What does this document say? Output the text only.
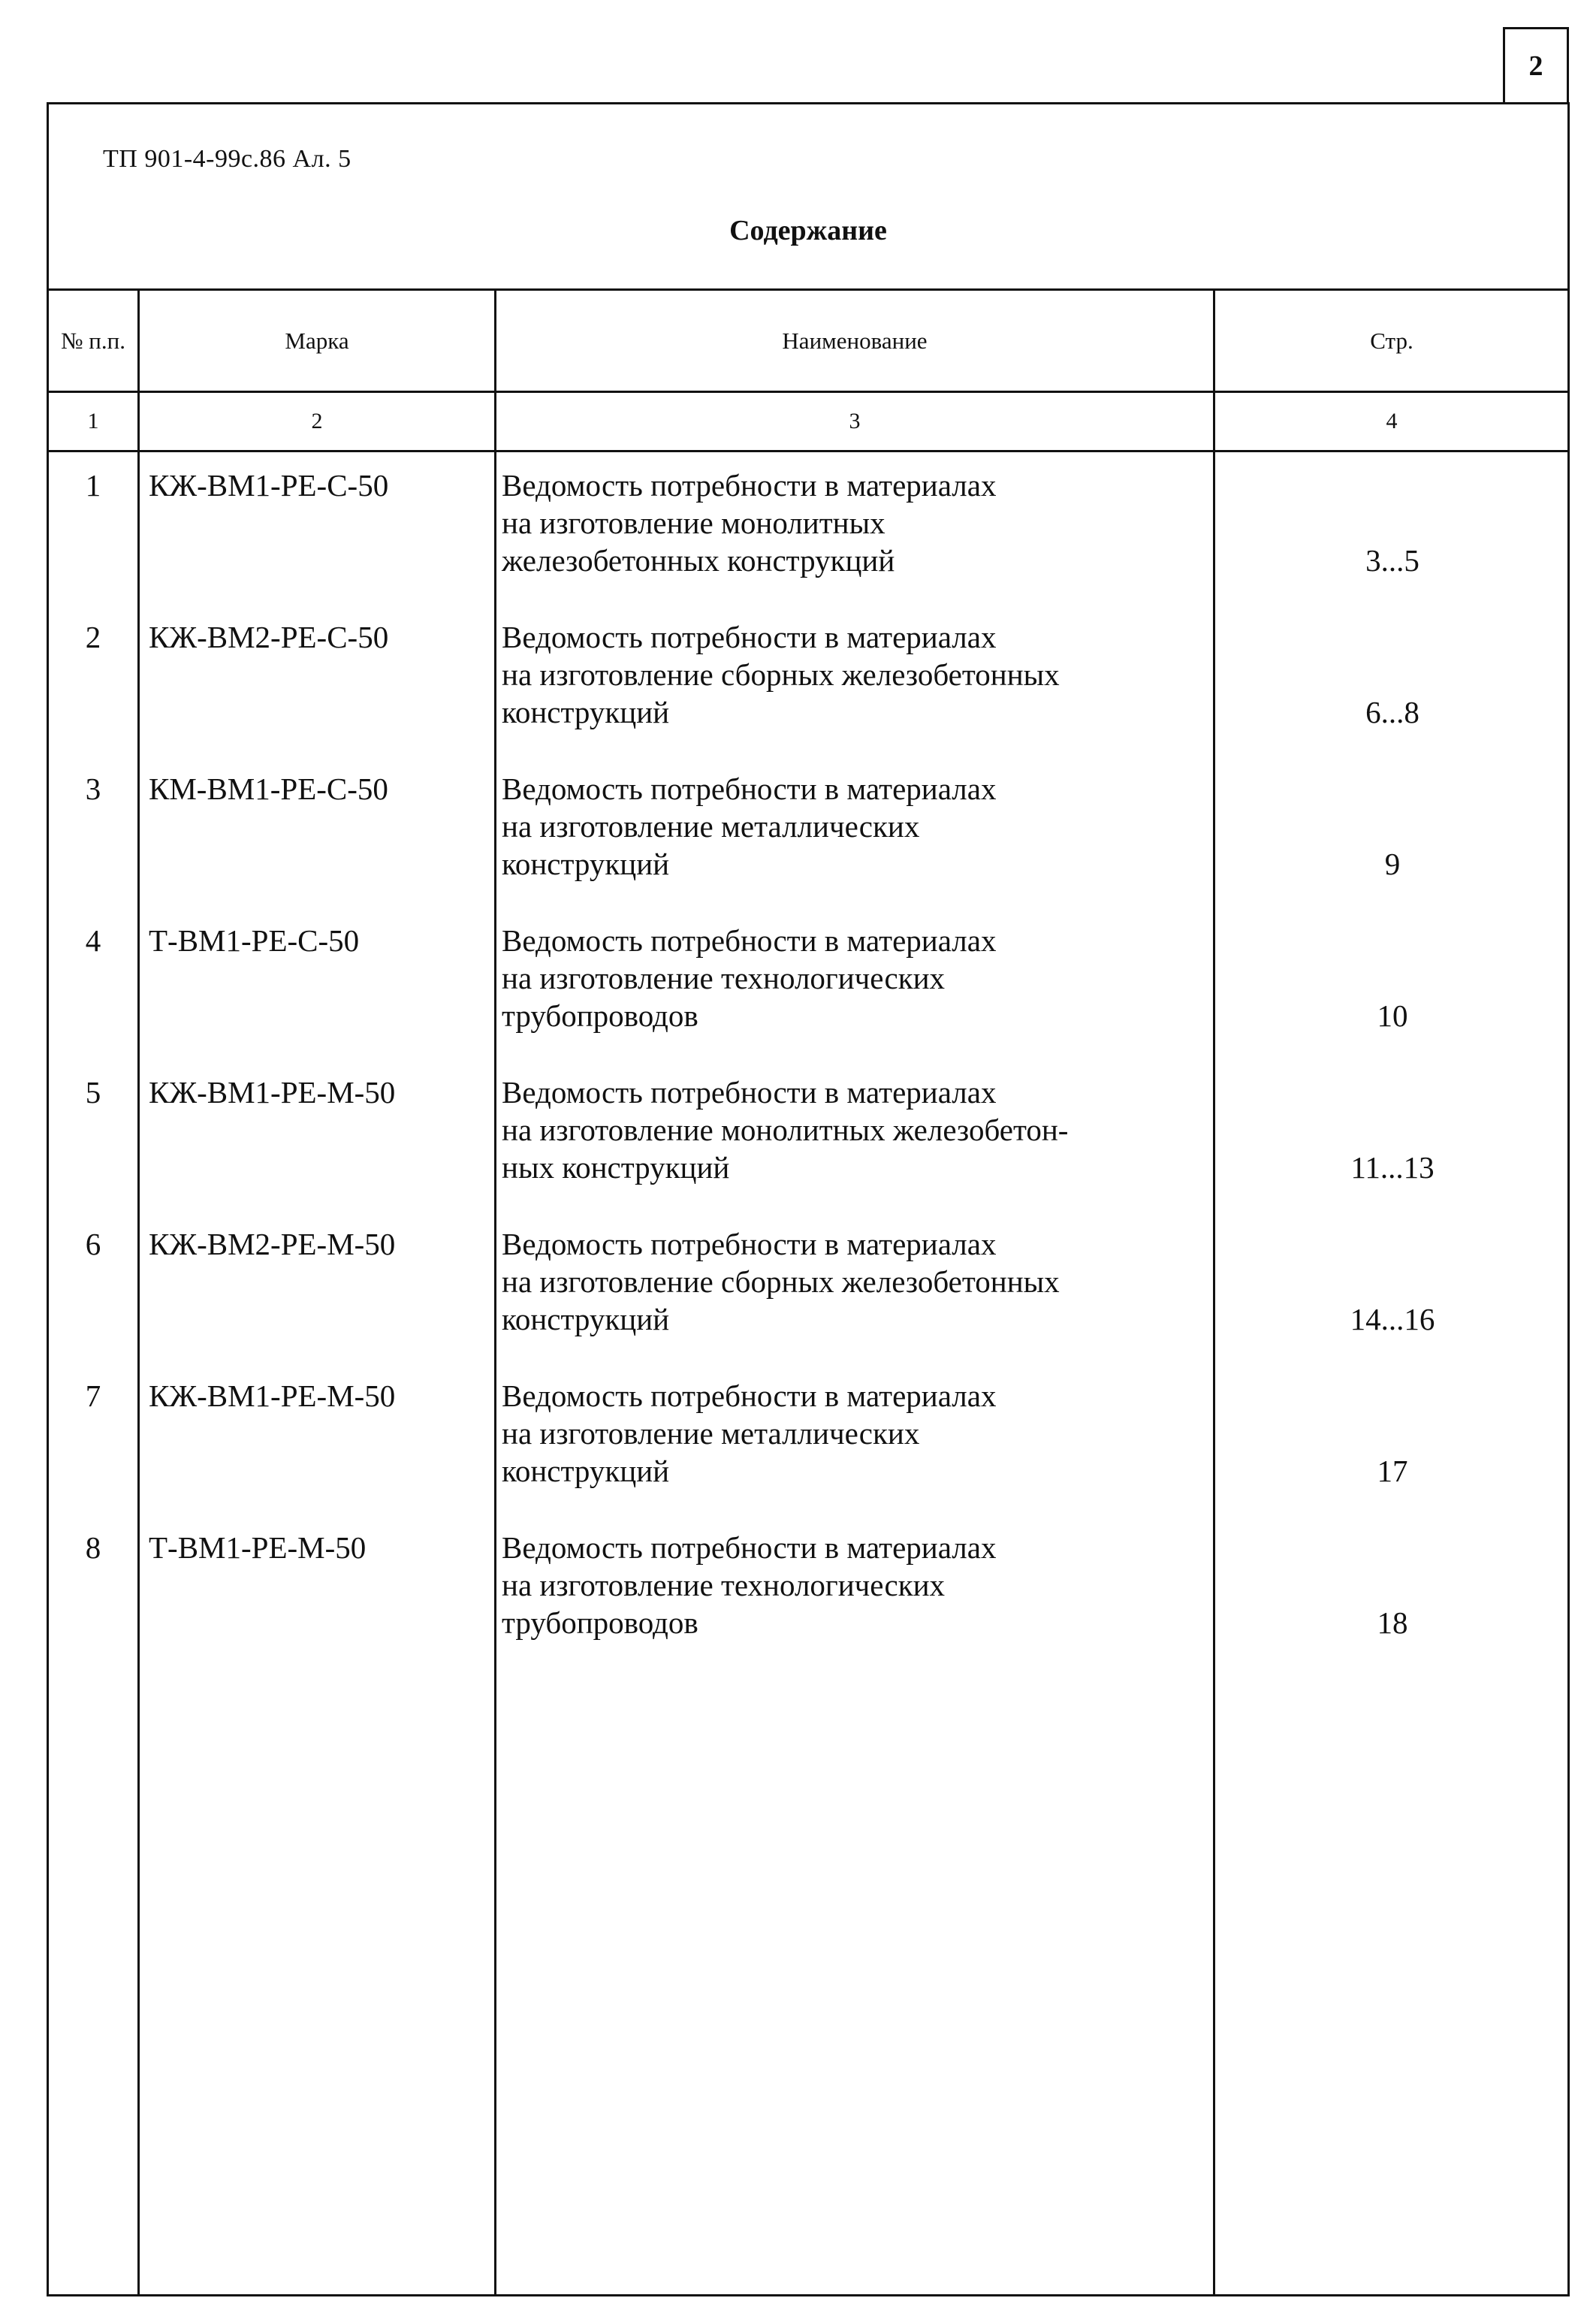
2
ТП 901-4-99с.86 Ал. 5
Содержание
№ п.п.	Марка	Наименование	Стр.
1	2	3	4
1	КЖ-ВМ1-РЕ-С-50	Ведомость потребности в материалах
на изготовление монолитных
железобетонных конструкций	3...5
2	КЖ-ВМ2-РЕ-С-50	Ведомость потребности в материалах
на изготовление сборных железобетонных
конструкций	6...8
3	КМ-ВМ1-РЕ-С-50	Ведомость потребности в материалах
на изготовление металлических
конструкций	9
4	Т-ВМ1-РЕ-С-50	Ведомость потребности в материалах
на изготовление технологических
трубопроводов	10
5	КЖ-ВМ1-РЕ-М-50	Ведомость потребности в материалах
на изготовление монолитных железобетон-
ных конструкций	11...13
6	КЖ-ВМ2-РЕ-М-50	Ведомость потребности в материалах
на изготовление сборных железобетонных
конструкций	14...16
7	КЖ-ВМ1-РЕ-М-50	Ведомость потребности в материалах
на изготовление металлических
конструкций	17
8	Т-ВМ1-РЕ-М-50	Ведомость потребности в материалах
на изготовление технологических
трубопроводов	18
